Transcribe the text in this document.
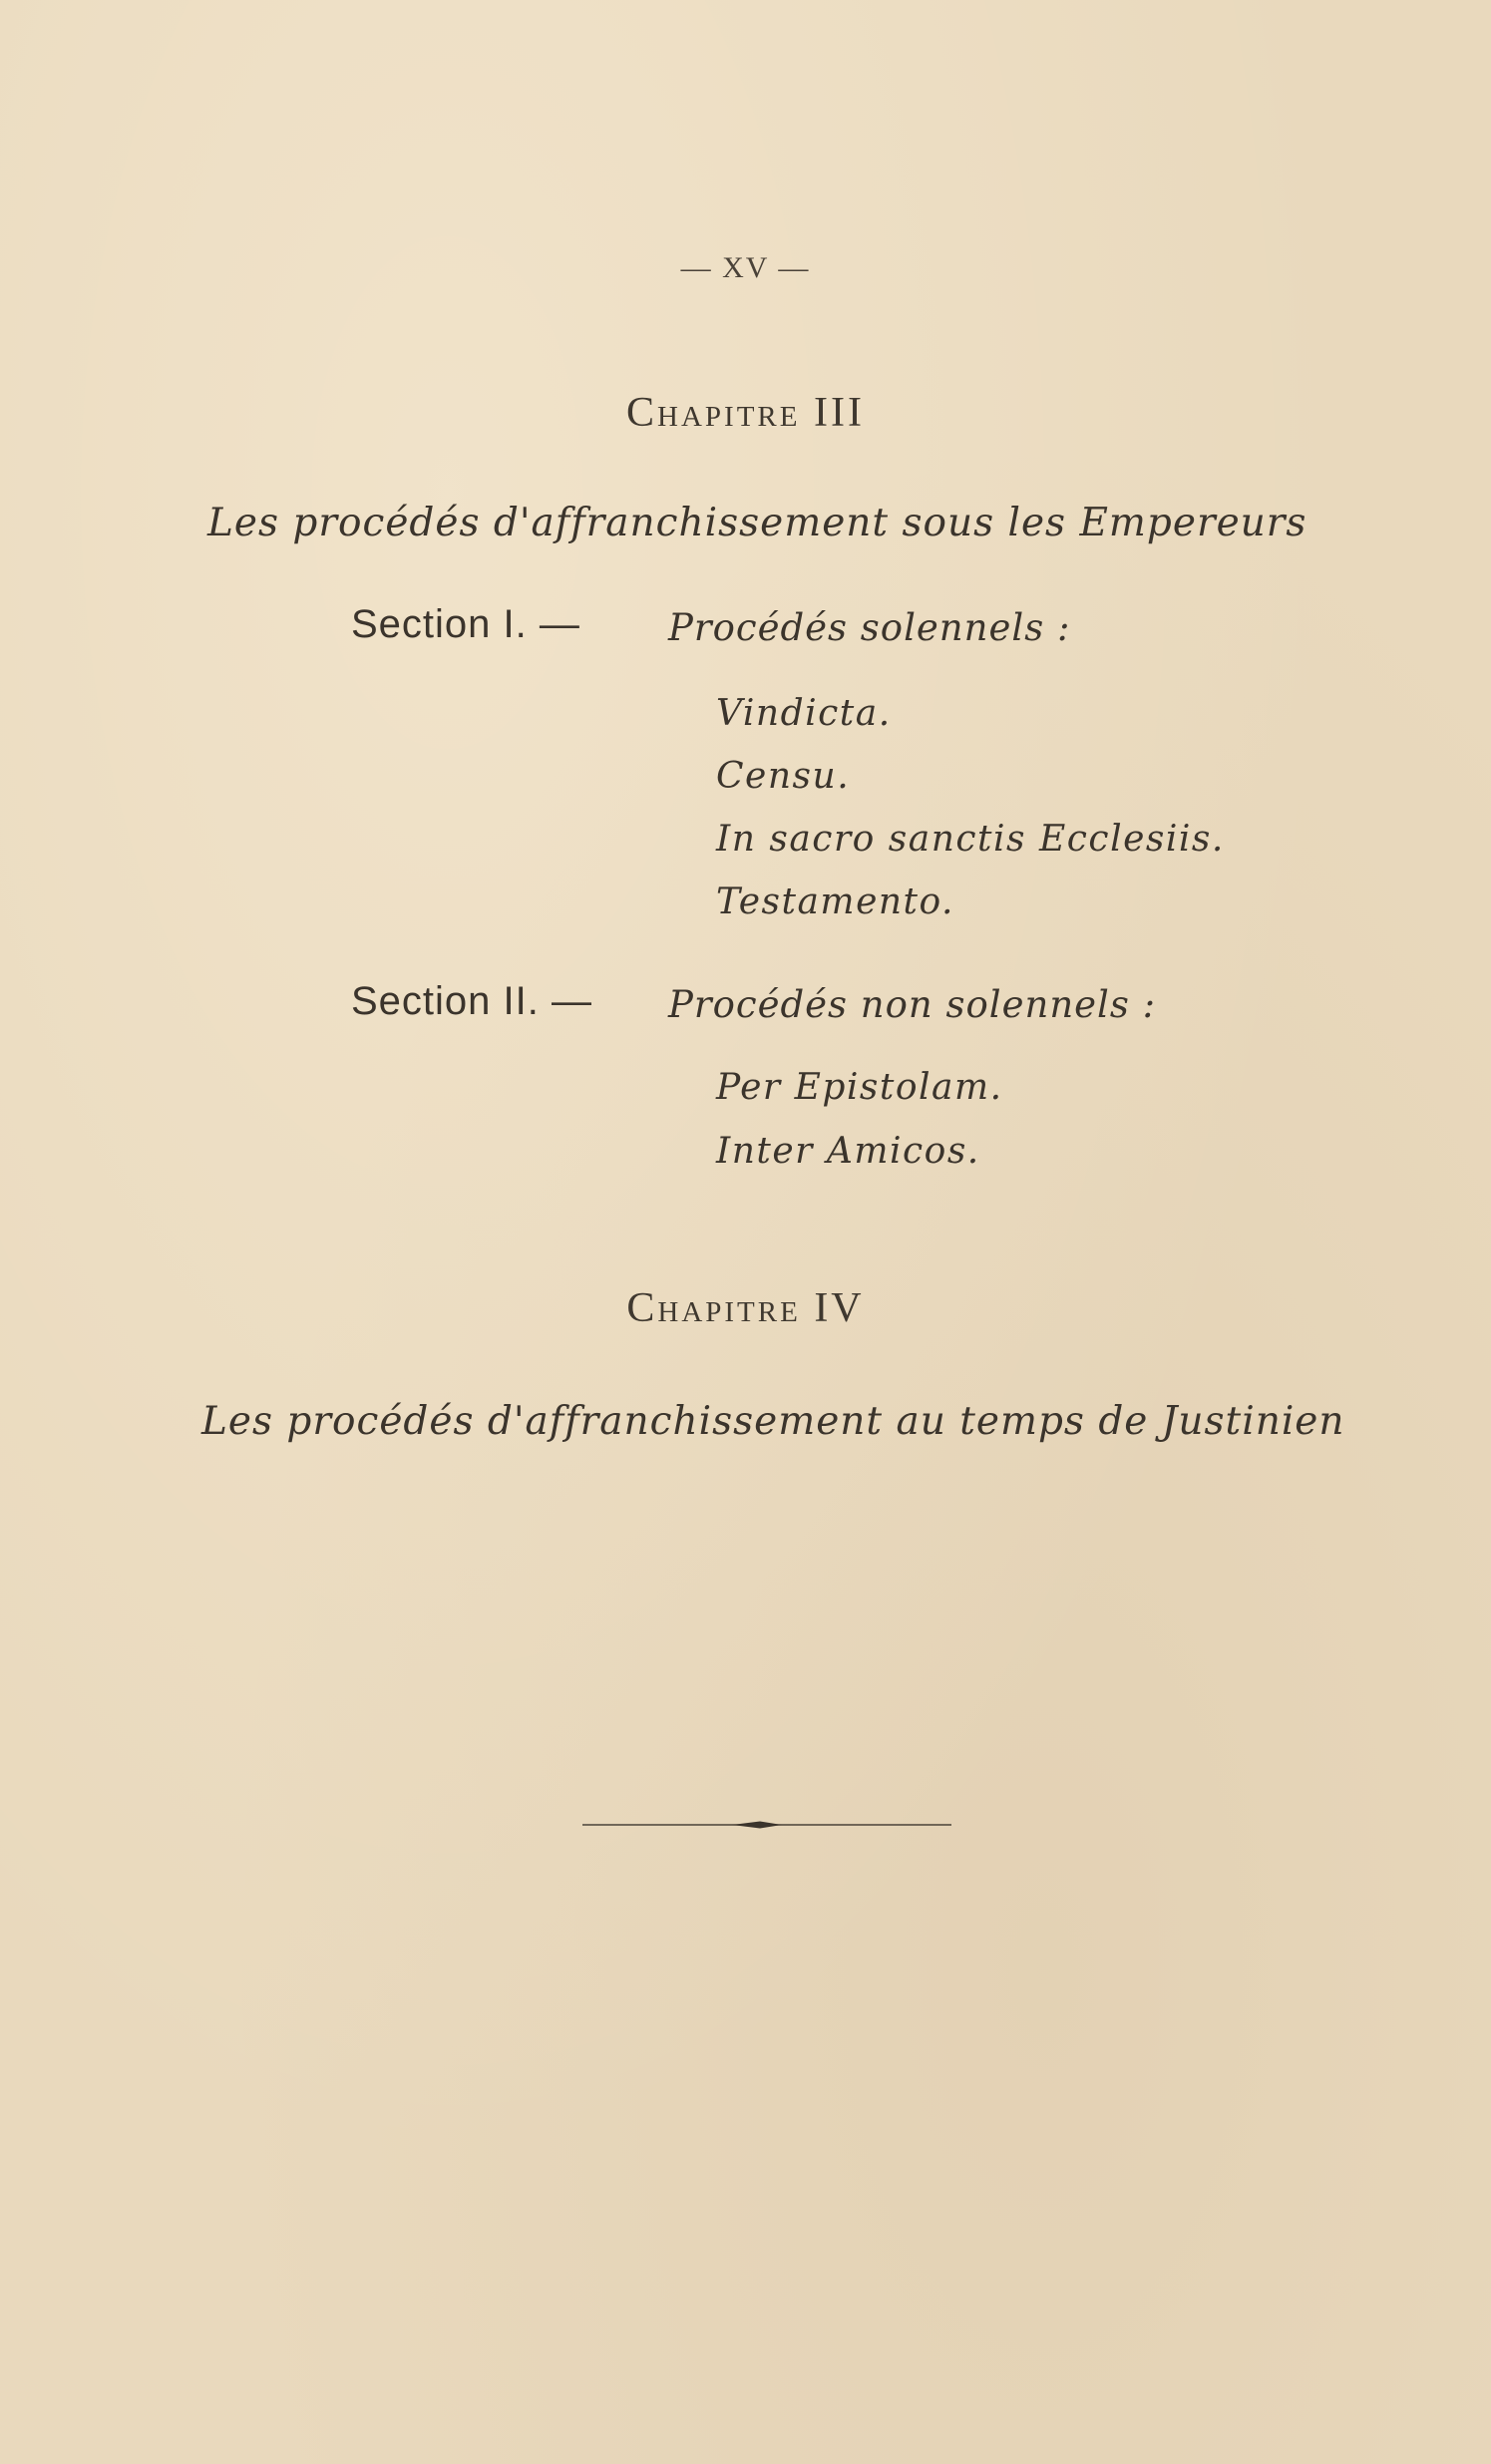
— XV —
Chapitre III
Les procédés d'affranchissement sous les Empereurs
Section I. — Procédés solennels :
Vindicta.
Censu.
In sacro sanctis Ecclesiis.
Testamento.
Section II. — Procédés non solennels :
Per Epistolam.
Inter Amicos.
Chapitre IV
Les procédés d'affranchissement au temps de Justinien
